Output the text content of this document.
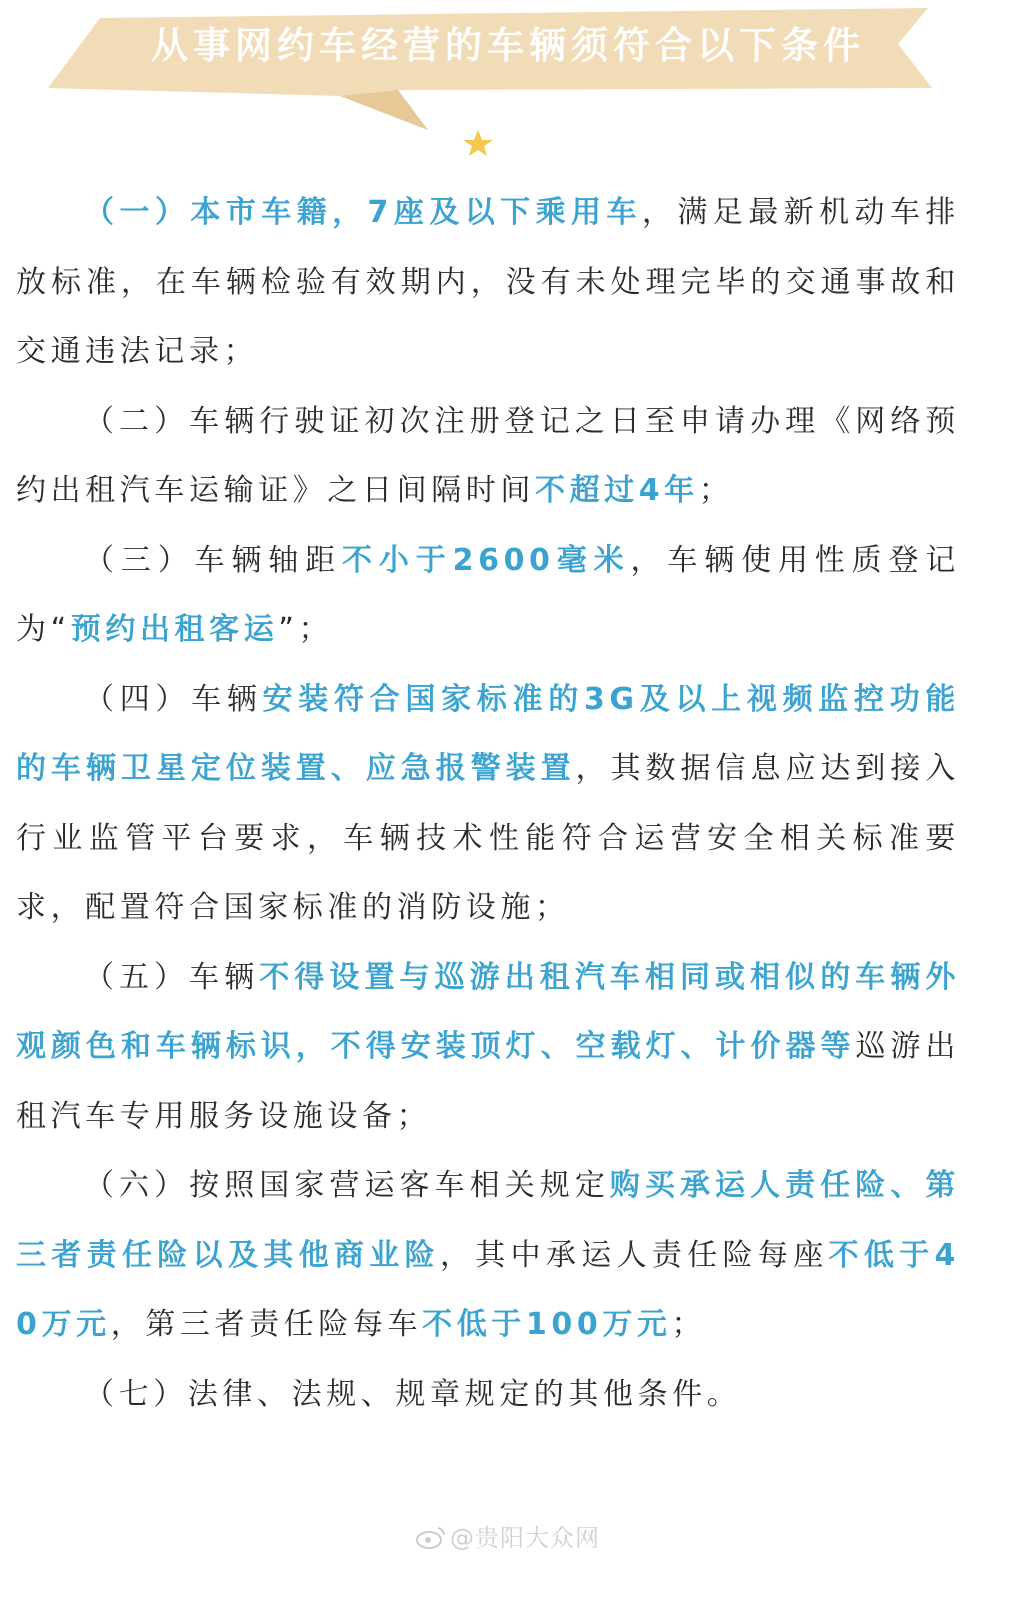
从事网约车经营的车辆须符合以下条件

（一）本市车籍，7座及以下乘用车，满足最新机动车排放标准，在车辆检验有效期内，没有未处理完毕的交通事故和交通违法记录；

（二）车辆行驶证初次注册登记之日至申请办理《网络预约出租汽车运输证》之日间隔时间不超过4年；

（三）车辆轴距不小于2600毫米，车辆使用性质登记为“预约出租客运”；

（四）车辆安装符合国家标准的3G及以上视频监控功能的车辆卫星定位装置、应急报警装置，其数据信息应达到接入行业监管平台要求，车辆技术性能符合运营安全相关标准要求，配置符合国家标准的消防设施；

（五）车辆不得设置与巡游出租汽车相同或相似的车辆外观颜色和车辆标识，不得安装顶灯、空载灯、计价器等巡游出租汽车专用服务设施设备；

（六）按照国家营运客车相关规定购买承运人责任险、第三者责任险以及其他商业险，其中承运人责任险每座不低于40万元，第三者责任险每车不低于100万元；

（七）法律、法规、规章规定的其他条件。

@贵阳大众网
